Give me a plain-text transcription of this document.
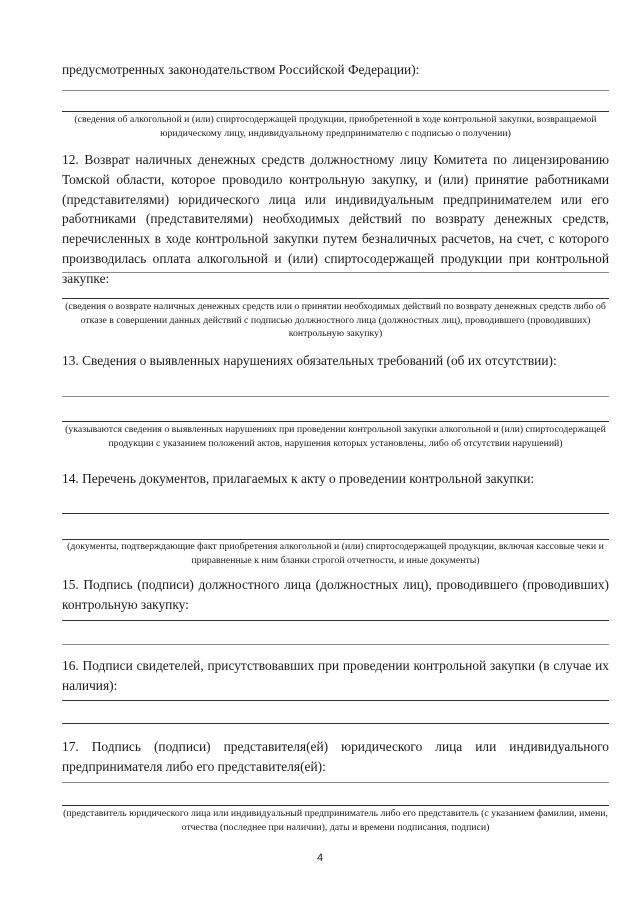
предусмотренных законодательством Российской Федерации):

(сведения об алкогольной и (или) спиртосодержащей продукции, приобретенной в ходе контрольной закупки, возвращаемой юридическому лицу, индивидуальному предпринимателю с подписью о получении)

12. Возврат наличных денежных средств должностному лицу Комитета по лицензированию Томской области, которое проводило контрольную закупку, и (или) принятие работниками (представителями) юридического лица или индивидуальным предпринимателем или его работниками (представителями) необходимых действий по возврату денежных средств, перечисленных в ходе контрольной закупки путем безналичных расчетов, на счет, с которого производилась оплата алкогольной и (или) спиртосодержащей продукции при контрольной закупке:

(сведения о возврате наличных денежных средств или о принятии необходимых действий по возврату денежных средств либо об отказе в совершении данных действий с подписью должностного лица (должностных лиц), проводившего (проводивших) контрольную закупку)

13. Сведения о выявленных нарушениях обязательных требований (об их отсутствии):

(указываются сведения о выявленных нарушениях при проведении контрольной закупки алкогольной и (или) спиртосодержащей продукции с указанием положений актов, нарушения которых установлены, либо об отсутствии нарушений)

14. Перечень документов, прилагаемых к акту о проведении контрольной закупки:

(документы, подтверждающие факт приобретения алкогольной и (или) спиртосодержащей продукции, включая кассовые чеки и приравненные к ним бланки строгой отчетности, и иные документы)

15. Подпись (подписи) должностного лица (должностных лиц), проводившего (проводивших) контрольную закупку:

16. Подписи свидетелей, присутствовавших при проведении контрольной закупки (в случае их наличия):

17. Подпись (подписи) представителя(ей) юридического лица или индивидуального предпринимателя либо его представителя(ей):

(представитель юридического лица или индивидуальный предприниматель либо его представитель (с указанием фамилии, имени, отчества (последнее при наличии), даты и времени подписания, подписи)

4
